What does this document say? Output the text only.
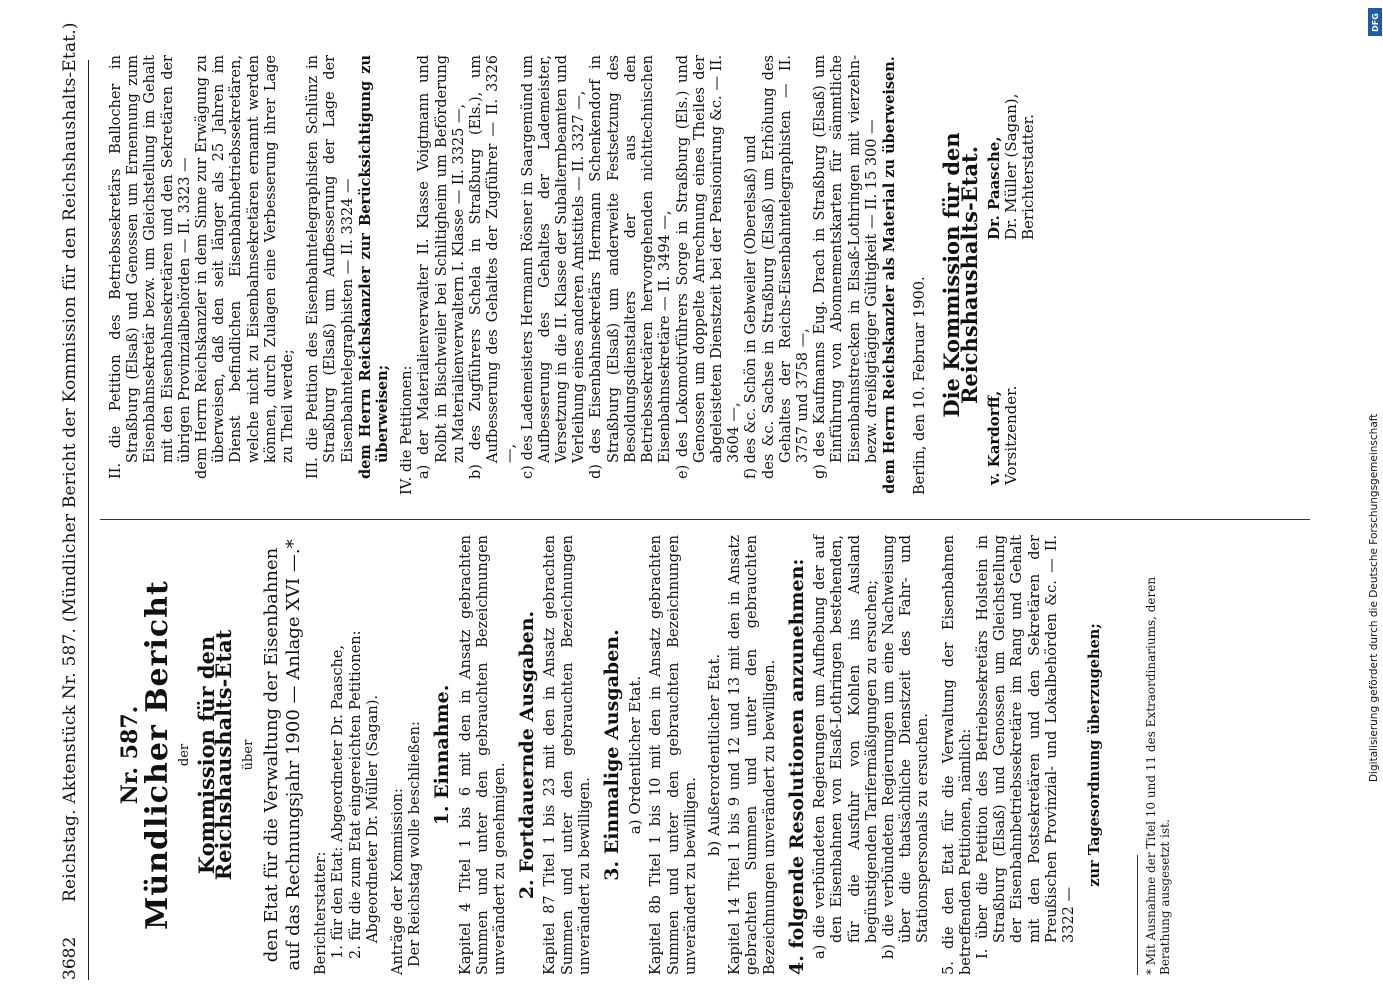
3682
Reichstag. Aktenstück Nr. 587. (Mündlicher Bericht der Kommission für den Reichshaushalts-Etat.) Nr. 587.

Mündlicher Bericht der Kommission für den Reichshaushalts-Etat über den Etat für die Verwaltung der Eisenbahnen auf das Rechnungsjahr 1900 — Anlage XVI —.* Berichterstatter: 1. für den Etat: Abgeordneter Dr. Paasche, 2. für die zum Etat eingereichten Petitionen: Abgeordneter Dr. Müller (Sagan). Anträge der Kommission: Der Reichstag wolle beschließen: 1. Einnahme. Kapitel 4 Titel 1 bis 6 mit den in Ansatz gebrachten Summen und unter den gebrauchten Bezeichnungen unverändert zu genehmigen. 2. Fortdauernde Ausgaben. Kapitel 87 Titel 1 bis 23 mit den in Ansatz gebrachten Summen und unter den gebrauchten Bezeichnungen unverändert zu bewilligen. 3. Einmalige Ausgaben. a) Ordentlicher Etat. Kapitel 8b Titel 1 bis 10 mit den in Ansatz gebrachten Summen und unter den gebrauchten Bezeichnungen unverändert zu bewilligen.

b) Außerordentlicher Etat. Kapitel 14 Titel 1 bis 9 und 12 und 13 mit den in Ansatz gebrachten Summen und unter den gebrauchten Bezeichnungen unverändert zu bewilligen. 4. folgende Resolutionen anzunehmen: a) die verbündeten Regierungen um Aufhebung der auf den Eisenbahnen von Elsaß-Lothringen bestehenden, für die Ausfuhr von Kohlen ins Ausland begünstigenden Tarifermäßigungen zu ersuchen; b) die verbündeten Regierungen um eine Nachweisung über die thatsächliche Dienstzeit des Fahr- und Stationspersonals zu ersuchen. 5. die den Etat für die Verwaltung der Eisenbahnen betreffenden Petitionen, nämlich: I. über die Petition des Betriebssekretärs Holstein in Straßburg (Elsaß) und Genossen um Gleichstellung der Eisenbahnbetriebssekretäre im Rang und Gehalt mit den Postsekretären und den Sekretären der Preußischen Provinzial- und Lokalbehörden &c. — II. 3322 —

zur Tagesordnung überzugehen;	* Mit Ausnahme der Titel 10 und 11 des Extraordinariums, deren Berathung ausgesetzt ist.

II. die Petition des Betriebssekretärs Ballocher in Straßburg (Elsaß) und Genossen um Ernennung zum Eisenbahnsekretär bezw. um Gleichstellung im Gehalt mit den Eisenbahnsekretären und den Sekretären der übrigen Provinzialbehörden — II. 3323 — dem Herrn Reichskanzler in dem Sinne zur Erwägung zu überweisen, daß den seit länger als 25 Jahren im Dienst befindlichen Eisenbahnbetriebssekretären, welche nicht zu Eisenbahnsekretären ernannt werden können, durch Zulagen eine Verbesserung ihrer Lage zu Theil werde; III. die Petition des Eisenbahntelegraphisten Schlünz in Straßburg (Elsaß) um Aufbesserung der Lage der Eisenbahntelegraphisten — II. 3324 — dem Herrn Reichskanzler zur Berücksichtigung zu überweisen; IV. die Petitionen: a) der Materialienverwalter II. Klasse Voigtmann und Rolbt in Bischweiler bei Schiltigheim um Beförderung zu Materialienverwaltern I. Klasse — II. 3325 —, b) des Zugführers Schela in Straßburg (Els.), um Aufbesserung des Gehaltes der Zugführer — II. 3326 —, c) des Lademeisters Hermann Rösner in Saargemünd um Aufbesserung des Gehaltes der Lademeister, Versetzung in die II. Klasse der Subalternbeamten und Verleihung eines anderen Amtstitels — II. 3327 —, d) des Eisenbahnsekretärs Hermann Schenkendorf in Straßburg (Elsaß) um anderweite Festsetzung des Besoldungsdienstalters der aus den Betriebssekretären hervorgehenden nichttechnischen Eisenbahnsekretäre — II. 3494 —, e) des Lokomotivführers Sorge in Straßburg (Els.) und Genossen um doppelte Anrechnung eines Theiles der abgeleisteten Dienstzeit bei der Pensionirung &c. — II. 3604 —, f) des &c. Schön in Gebweiler (Oberelsaß) und des &c. Sachse in Straßburg (Elsaß) um Erhöhung des Gehaltes der Reichs-Eisenbahntelegraphisten — II. 3757 und 3758 —, g) des Kaufmanns Eug. Drach in Straßburg (Elsaß) um Einführung von Abonnementskarten für sämmtliche Eisenbahnstrecken in Elsaß-Lothringen mit vierzehn- bezw. dreißigtägiger Gültigkeit — II. 15 300 — dem Herrn Reichskanzler als Material zu überweisen. Berlin, den 10. Februar 1900. Die Kommission für den Reichshaushalts-Etat.

v. Kardorff, Vorsitzender.

Dr. Paasche, Dr. Müller (Sagan), Berichterstatter.

DFG
Digitalisierung gefördert durch die Deutsche Forschungsgemeinschaft
